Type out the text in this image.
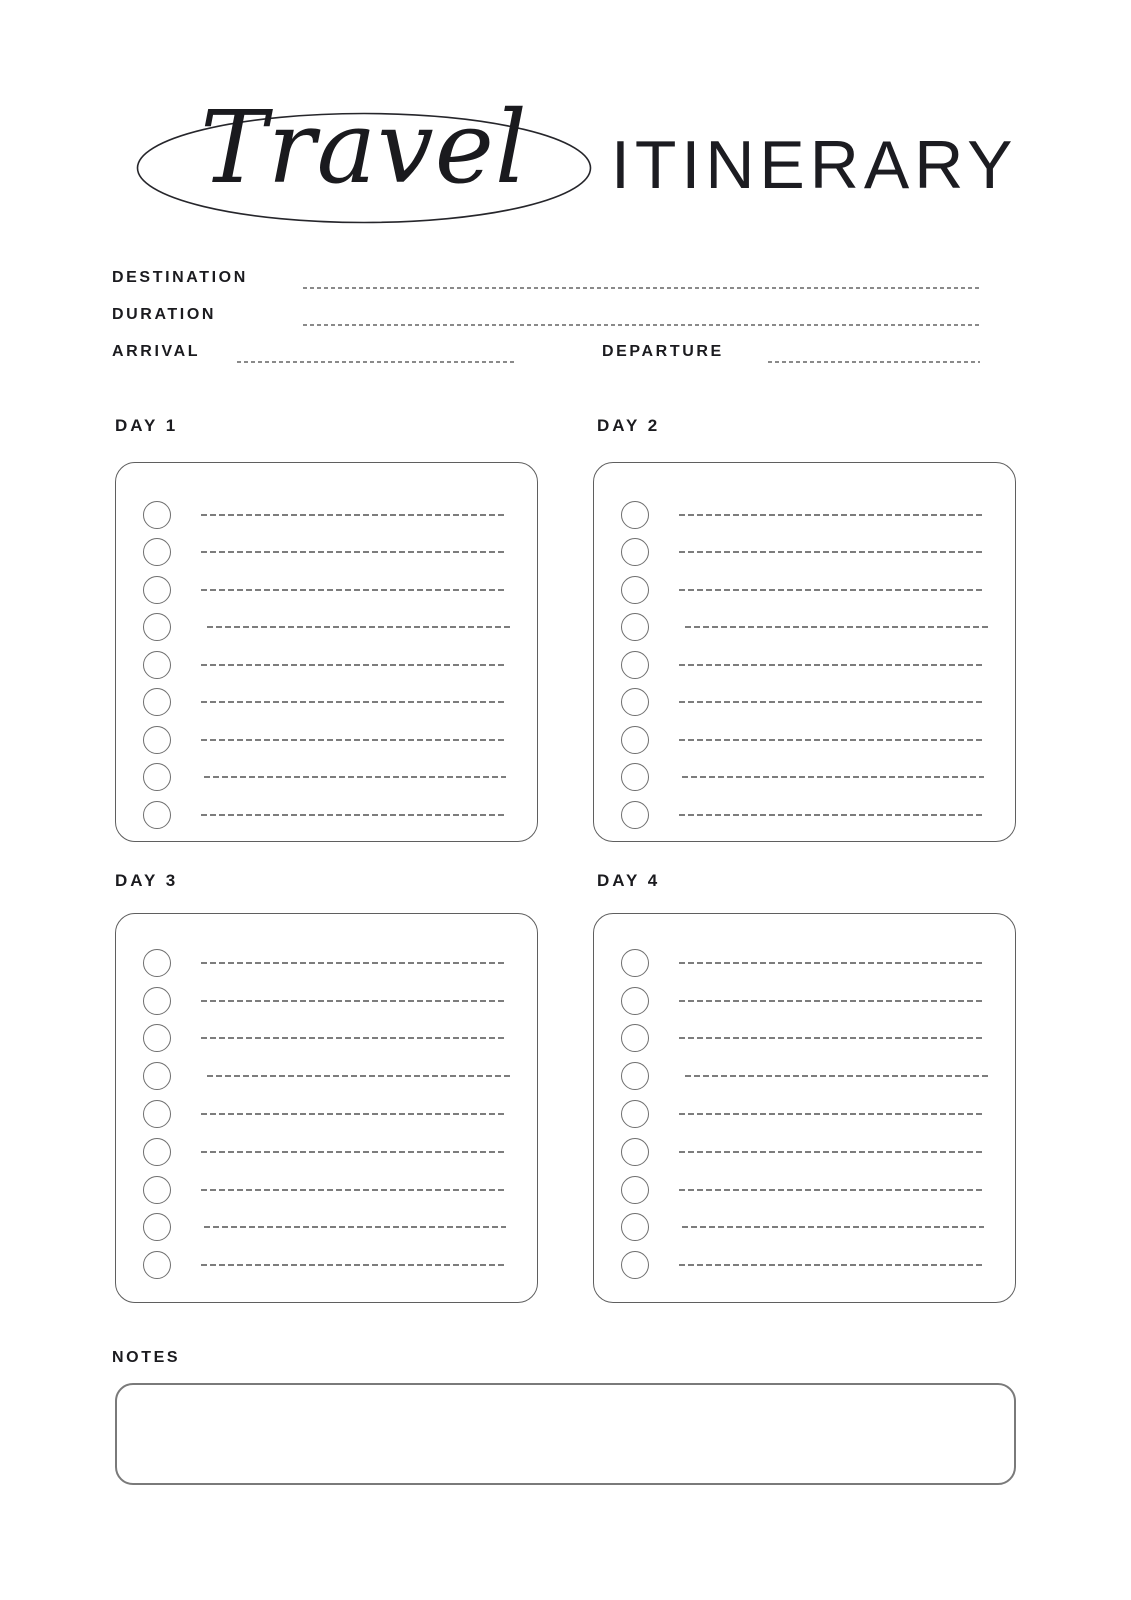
Travel	ITINERARY
DESTINATION
DURATION
ARRIVAL	DEPARTURE
DAY 1	DAY 2
DAY 3	DAY 4
NOTES
